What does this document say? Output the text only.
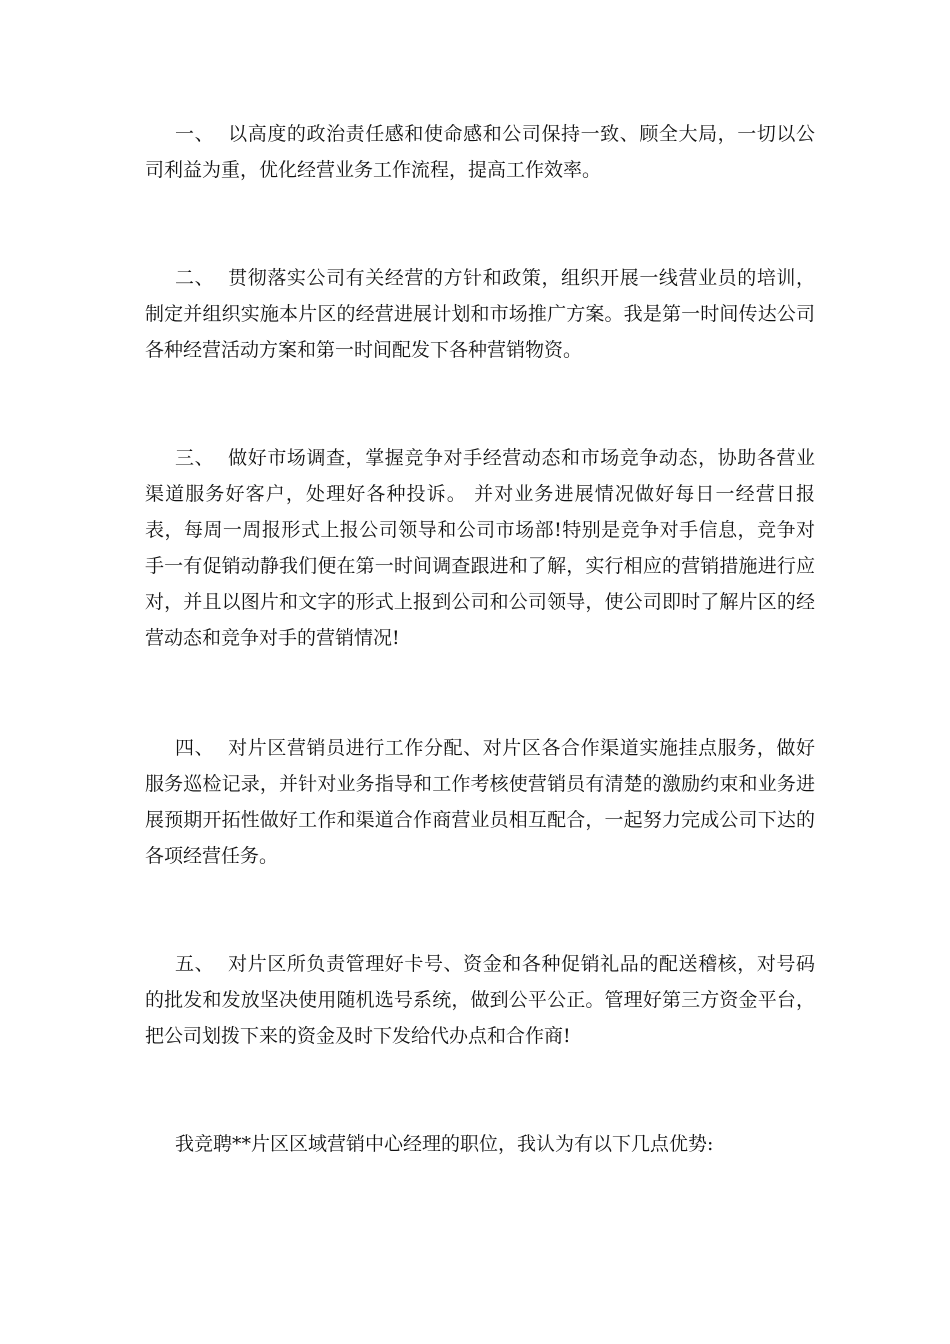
一、 以高度的政治责任感和使命感和公司保持一致、顾全大局，一切以公司利益为重，优化经营业务工作流程，提高工作效率。

二、 贯彻落实公司有关经营的方针和政策，组织开展一线营业员的培训，制定并组织实施本片区的经营进展计划和市场推广方案。我是第一时间传达公司各种经营活动方案和第一时间配发下各种营销物资。

三、 做好市场调查，掌握竞争对手经营动态和市场竞争动态，协助各营业渠道服务好客户，处理好各种投诉。 并对业务进展情况做好每日一经营日报表，每周一周报形式上报公司领导和公司市场部!特别是竞争对手信息，竞争对手一有促销动静我们便在第一时间调查跟进和了解，实行相应的营销措施进行应对，并且以图片和文字的形式上报到公司和公司领导，使公司即时了解片区的经营动态和竞争对手的营销情况!

四、 对片区营销员进行工作分配、对片区各合作渠道实施挂点服务，做好服务巡检记录，并针对业务指导和工作考核使营销员有清楚的激励约束和业务进展预期开拓性做好工作和渠道合作商营业员相互配合，一起努力完成公司下达的各项经营任务。

五、 对片区所负责管理好卡号、资金和各种促销礼品的配送稽核，对号码的批发和发放坚决使用随机选号系统，做到公平公正。管理好第三方资金平台，把公司划拨下来的资金及时下发给代办点和合作商!

我竞聘**片区区域营销中心经理的职位，我认为有以下几点优势:
